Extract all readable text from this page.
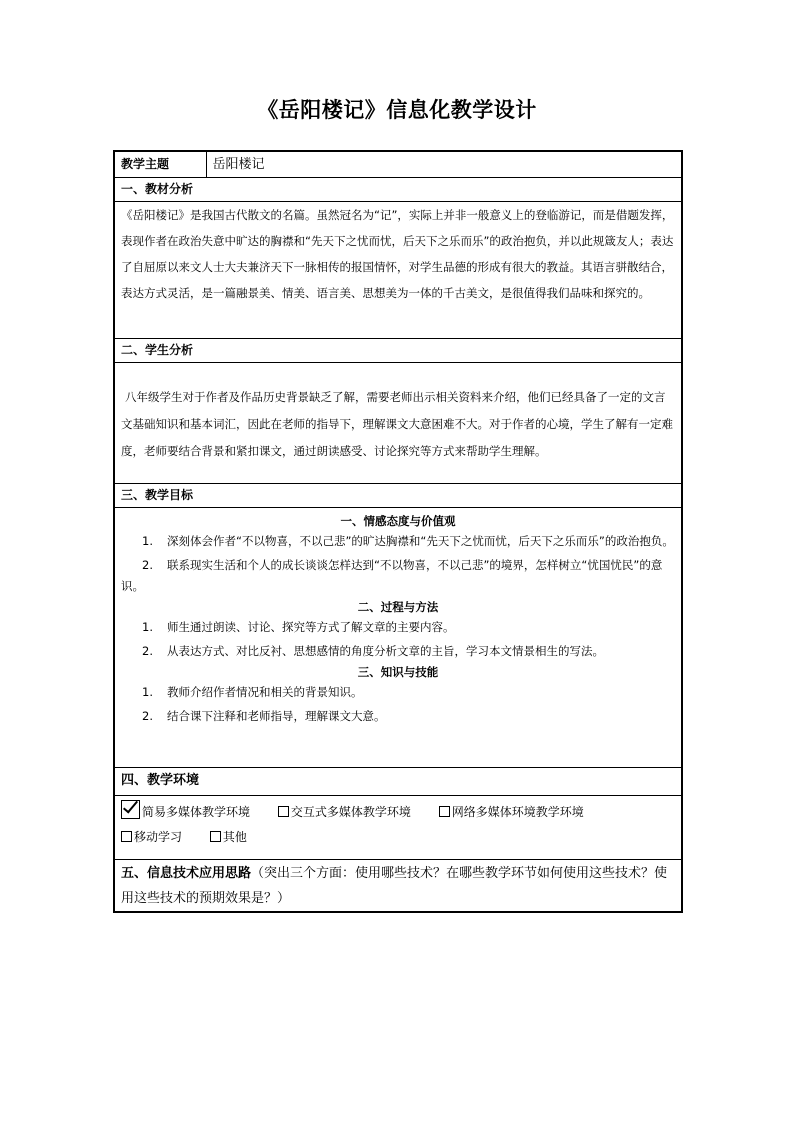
《岳阳楼记》信息化教学设计
教学主题	岳阳楼记
一、教材分析

《岳阳楼记》是我国古代散文的名篇。虽然冠名为“记”，实际上并非一般意义上的登临游记，而是借题发挥，表现作者在政治失意中旷达的胸襟和“先天下之忧而忧，后天下之乐而乐”的政治抱负，并以此规箴友人；表达了自屈原以来文人士大夫兼济天下一脉相传的报国情怀，对学生品德的形成有很大的教益。其语言骈散结合，表达方式灵活，是一篇融景美、情美、语言美、思想美为一体的千古美文，是很值得我们品味和探究的。

二、学生分析

八年级学生对于作者及作品历史背景缺乏了解，需要老师出示相关资料来介绍，他们已经具备了一定的文言文基础知识和基本词汇，因此在老师的指导下，理解课文大意困难不大。对于作者的心境，学生了解有一定难度，老师要结合背景和紧扣课文，通过朗读感受、讨论探究等方式来帮助学生理解。

三、教学目标

一、情感态度与价值观
1. 深刻体会作者“不以物喜，不以己悲”的旷达胸襟和“先天下之忧而忧，后天下之乐而乐”的政治抱负。
2. 联系现实生活和个人的成长谈谈怎样达到“不以物喜，不以己悲”的境界，怎样树立“忧国忧民”的意识。
二、过程与方法
1. 师生通过朗读、讨论、探究等方式了解文章的主要内容。
2. 从表达方式、对比反衬、思想感情的角度分析文章的主旨，学习本文情景相生的写法。
三、知识与技能
1. 教师介绍作者情况和相关的背景知识。
2. 结合课下注释和老师指导，理解课文大意。

四、教学环境

简易多媒体教学环境	交互式多媒体教学环境	网络多媒体环境教学环境
移动学习	其他

五、信息技术应用思路（突出三个方面：使用哪些技术？在哪些教学环节如何使用这些技术？使用这些技术的预期效果是？）
